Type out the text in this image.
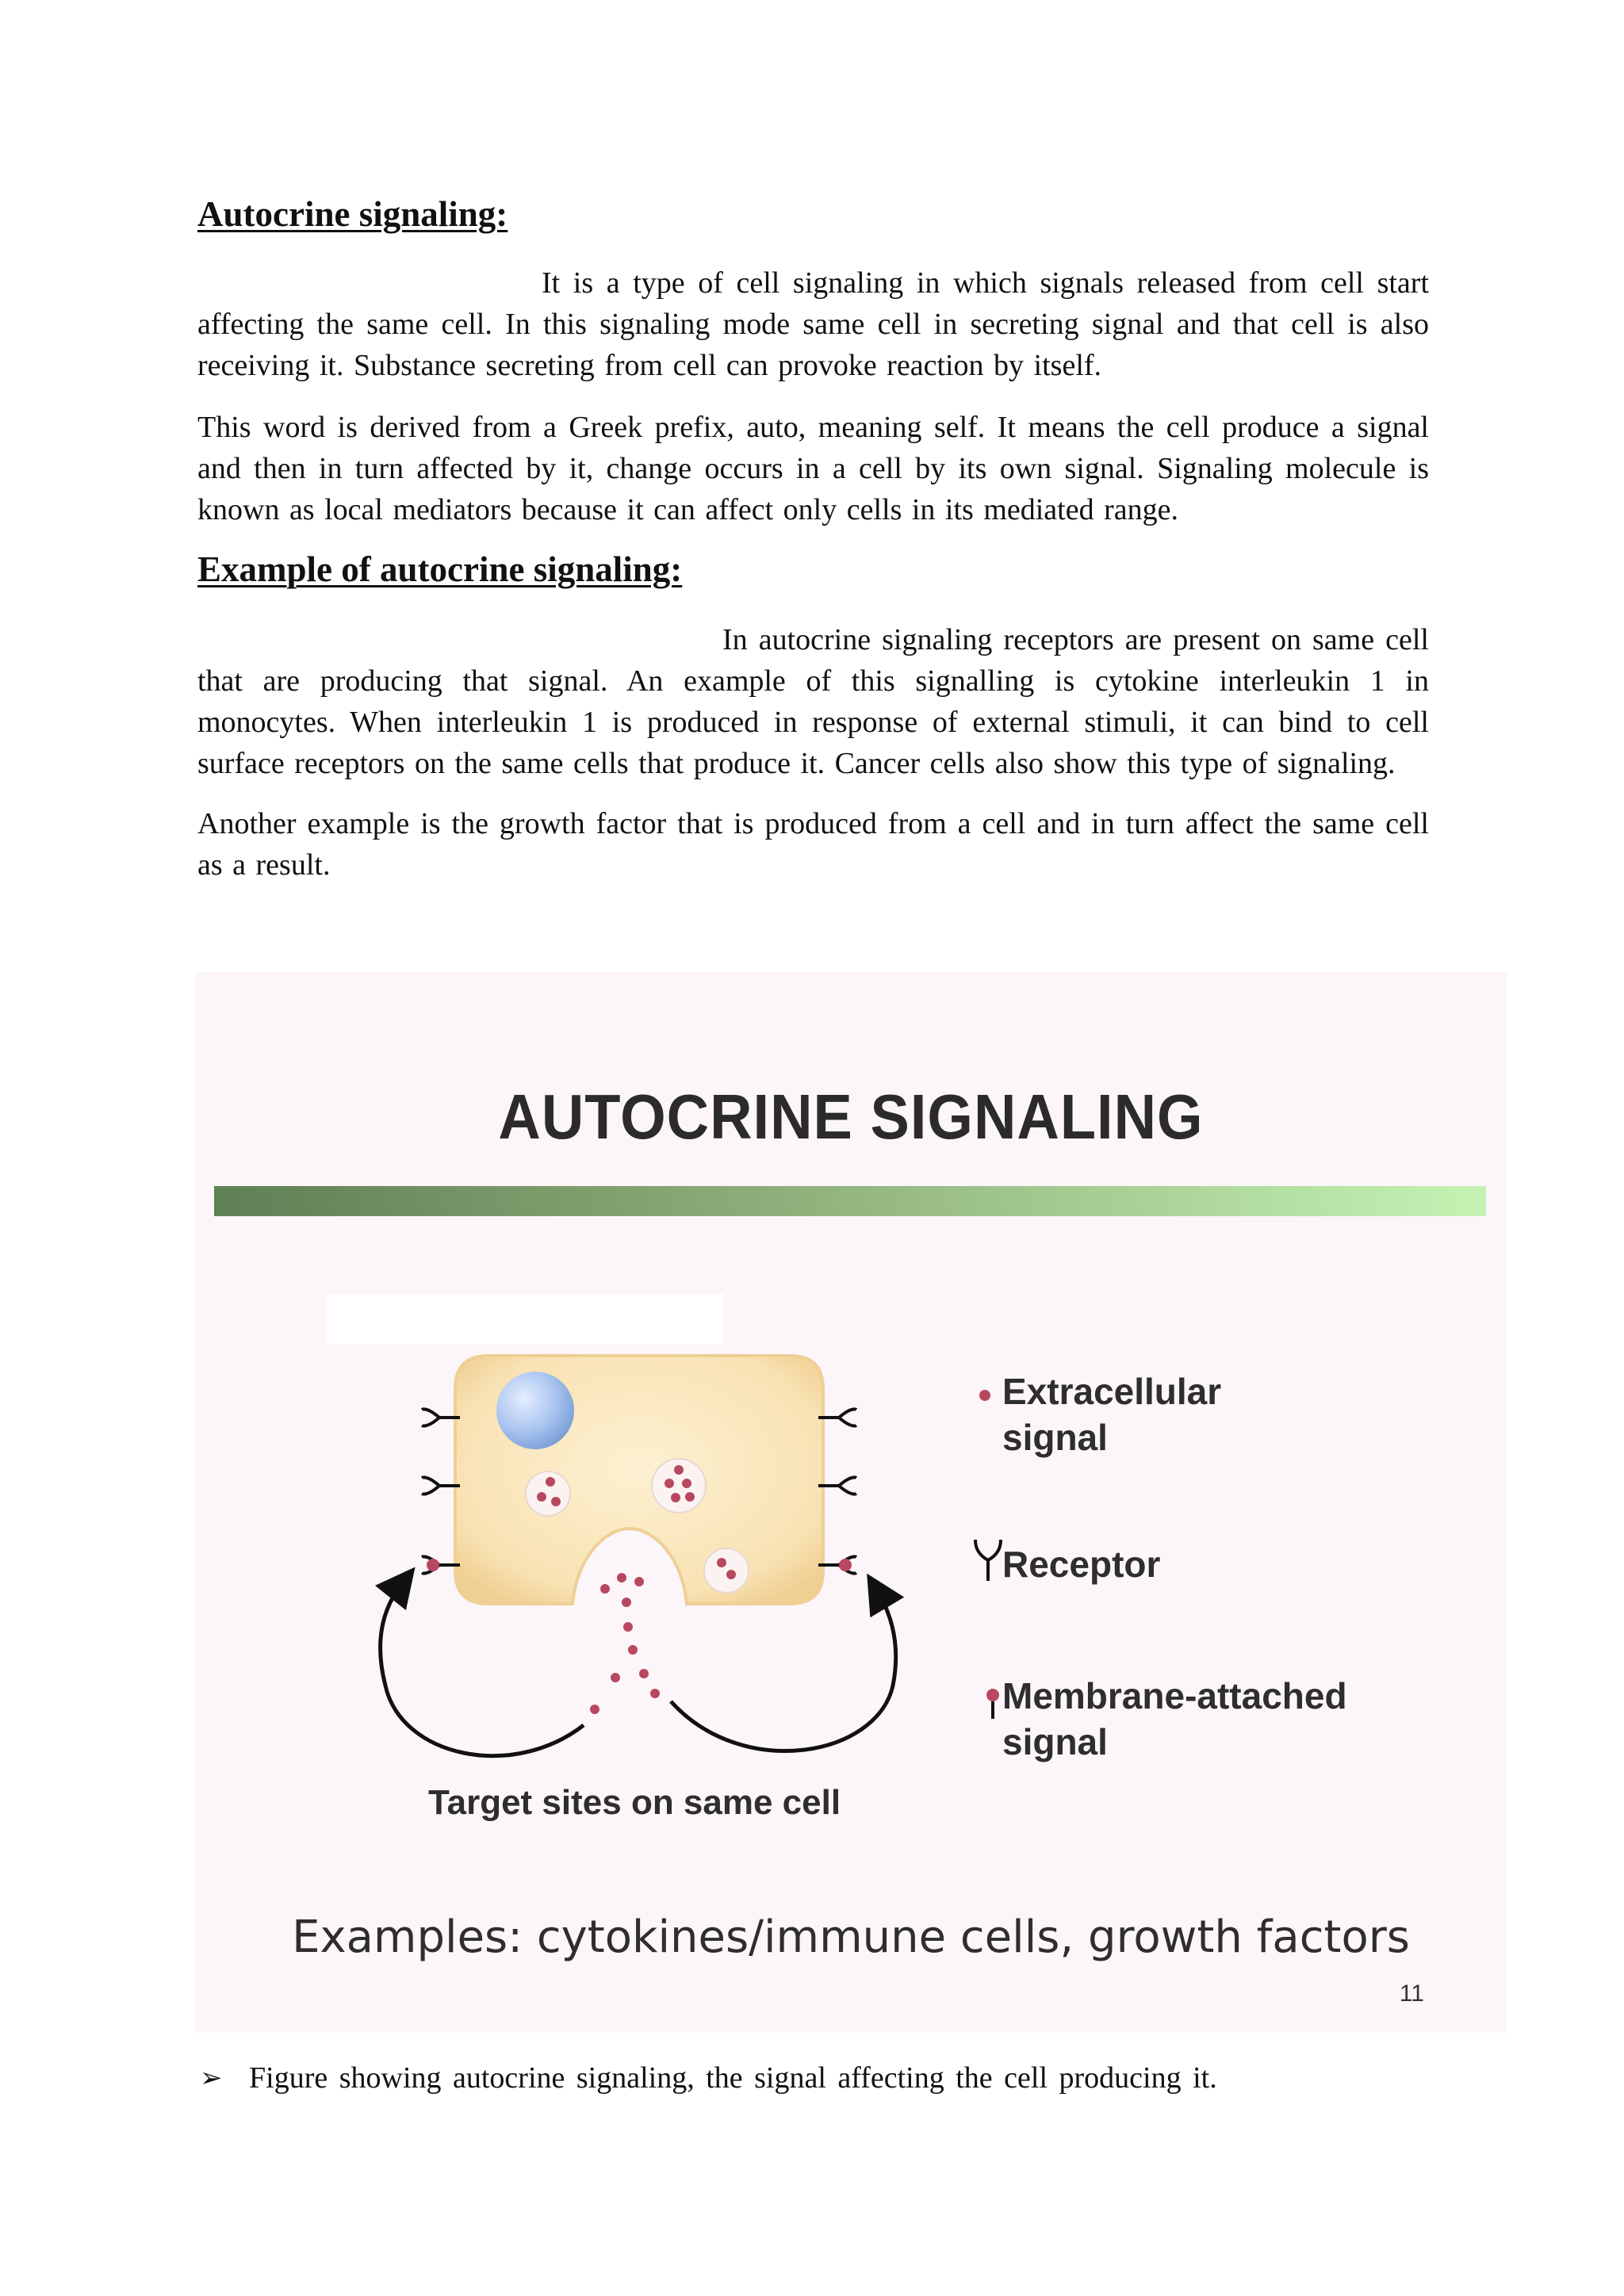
Autocrine signaling:

It is a type of cell signaling in which signals released from cell start affecting the same cell. In this signaling mode same cell in secreting signal and that cell is also receiving it. Substance secreting from cell can provoke reaction by itself.

This word is derived from a Greek prefix, auto, meaning self. It means the cell produce a signal and then in turn affected by it, change occurs in a cell by its own signal. Signaling molecule is known as local mediators because it can affect only cells in its mediated range.

Example of autocrine signaling:

In autocrine signaling receptors are present on same cell that are producing that signal. An example of this signalling is cytokine interleukin 1 in monocytes. When interleukin 1 is produced in response of external stimuli, it can bind to cell surface receptors on the same cells that produce it. Cancer cells also show this type of signaling.

Another example is the growth factor that is produced from a cell and in turn affect the same cell as a result.

AUTOCRINE SIGNALING
Extracellular
signal
Receptor
Membrane-attached
signal
Target sites on same cell
Examples: cytokines/immune cells, growth factors
11

➢ Figure showing autocrine signaling, the signal affecting the cell producing it.
